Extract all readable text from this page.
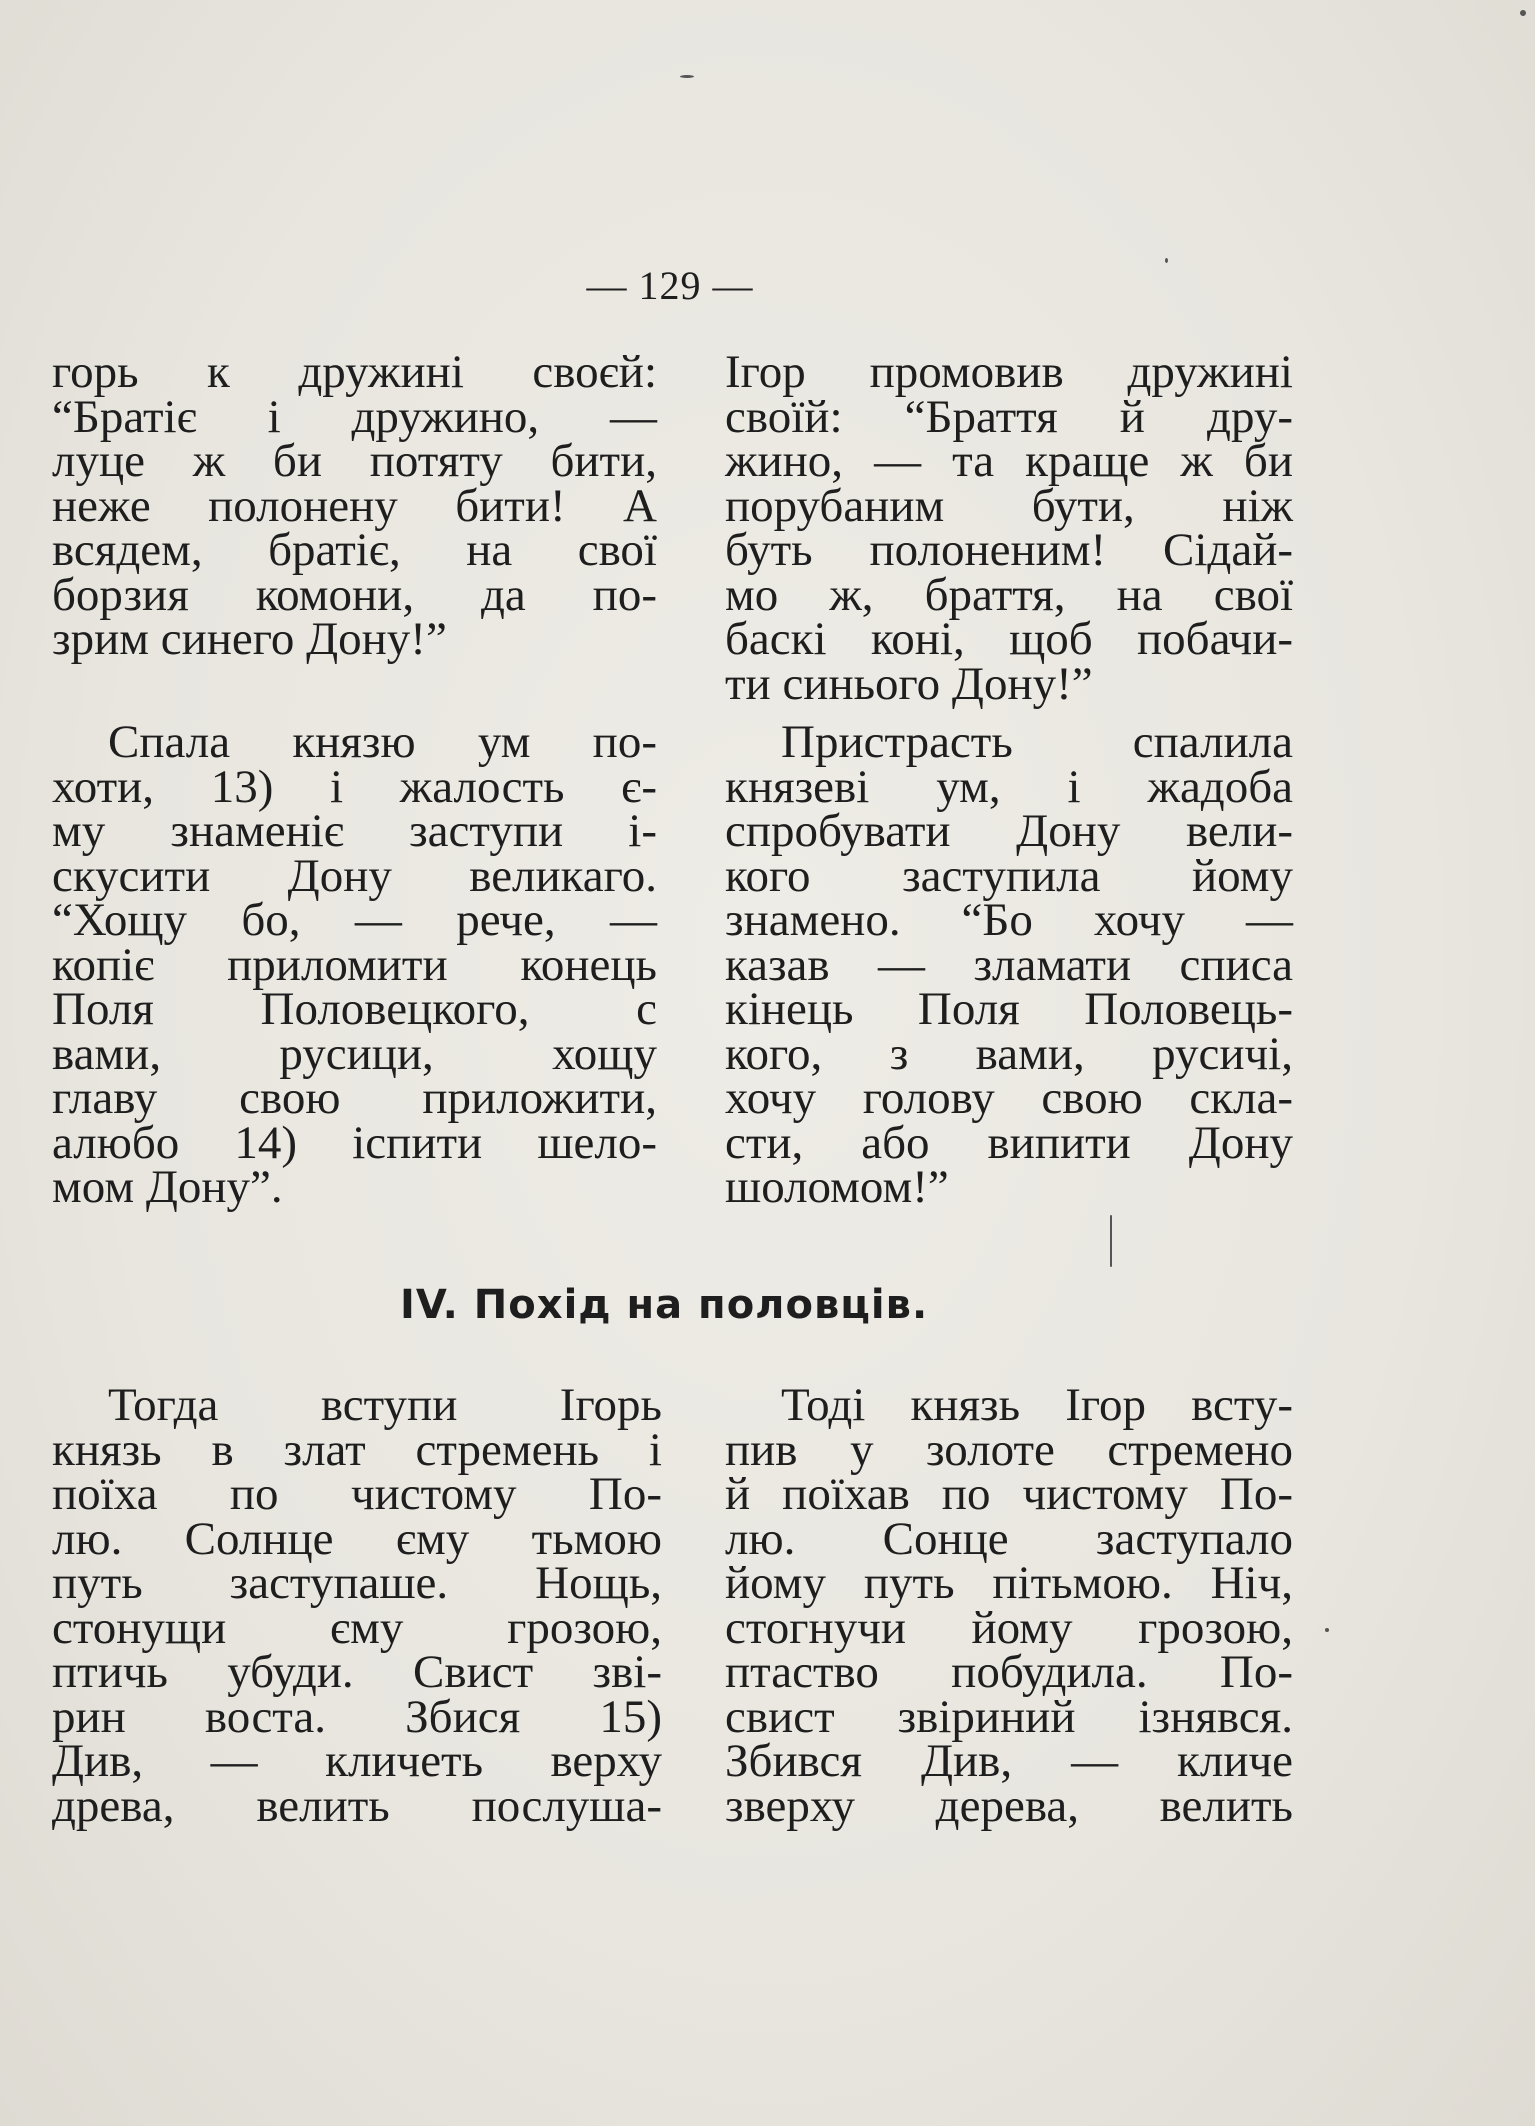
— 129 —
горь к дружині своєй:
“Братіє і дружино, —
луце ж би потяту бити,
неже полонену бити! А
всядем, братіє, на свої
борзия комони, да по-
зрим синего Дону!”
Ігор промовив дружині
своїй: “Браття й дру-
жино, — та краще ж би
порубаним бути, ніж
буть полоненим! Сідай-
мо ж, браття, на свої
баскі коні, щоб побачи-
ти синього Дону!”
Спала князю ум по-
хоти, 13) і жалость є-
му знаменіє заступи і-
скусити Дону великаго.
“Хощу бо, — рече, —
копіє приломити конець
Поля Половецкого, с
вами, русици, хощу
главу свою приложити,
алюбо 14) іспити шело-
мом Дону”.
Пристрасть спалила
князеві ум, і жадоба
спробувати Дону вели-
кого заступила йому
знамено. “Бо хочу —
казав — зламати списа
кінець Поля Половець-
кого, з вами, русичі,
хочу голову свою скла-
сти, або випити Дону
шоломом!”
IV. Похід на половців.
Тогда вступи Ігорь
князь в злат стремень і
поїха по чистому По-
лю. Солнце єму тьмою
путь заступаше. Нощь,
стонущи єму грозою,
птичь убуди. Свист зві-
рин воста. Збися 15)
Див, — кличеть верху
древа, велить послуша-
Тоді князь Ігор всту-
пив у золоте стремено
й поїхав по чистому По-
лю. Сонце заступало
йому путь пітьмою. Ніч,
стогнучи йому грозою,
птаство побудила. По-
свист звіриний ізнявся.
Збився Див, — кличе
зверху дерева, велить
